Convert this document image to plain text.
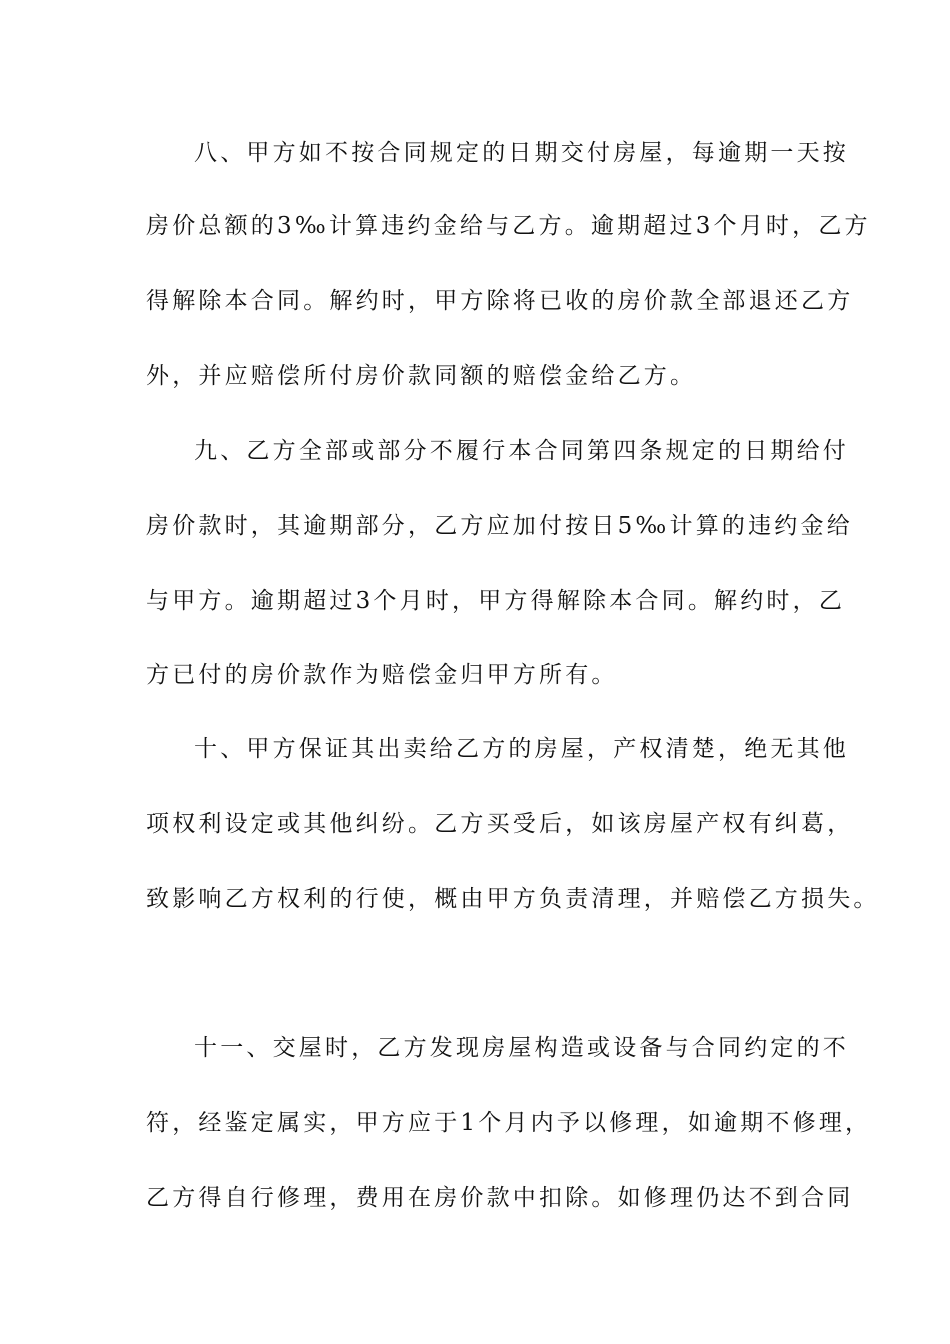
八、甲方如不按合同规定的日期交付房屋，每逾期一天按
房价总额的3‰计算违约金给与乙方。逾期超过3个月时，乙方
得解除本合同。解约时，甲方除将已收的房价款全部退还乙方
外，并应赔偿所付房价款同额的赔偿金给乙方。
九、乙方全部或部分不履行本合同第四条规定的日期给付
房价款时，其逾期部分，乙方应加付按日5‰计算的违约金给
与甲方。逾期超过3个月时，甲方得解除本合同。解约时，乙
方已付的房价款作为赔偿金归甲方所有。
十、甲方保证其出卖给乙方的房屋，产权清楚，绝无其他
项权利设定或其他纠纷。乙方买受后，如该房屋产权有纠葛，
致影响乙方权利的行使，概由甲方负责清理，并赔偿乙方损失。
十一、交屋时，乙方发现房屋构造或设备与合同约定的不
符，经鉴定属实，甲方应于1个月内予以修理，如逾期不修理，
乙方得自行修理，费用在房价款中扣除。如修理仍达不到合同
